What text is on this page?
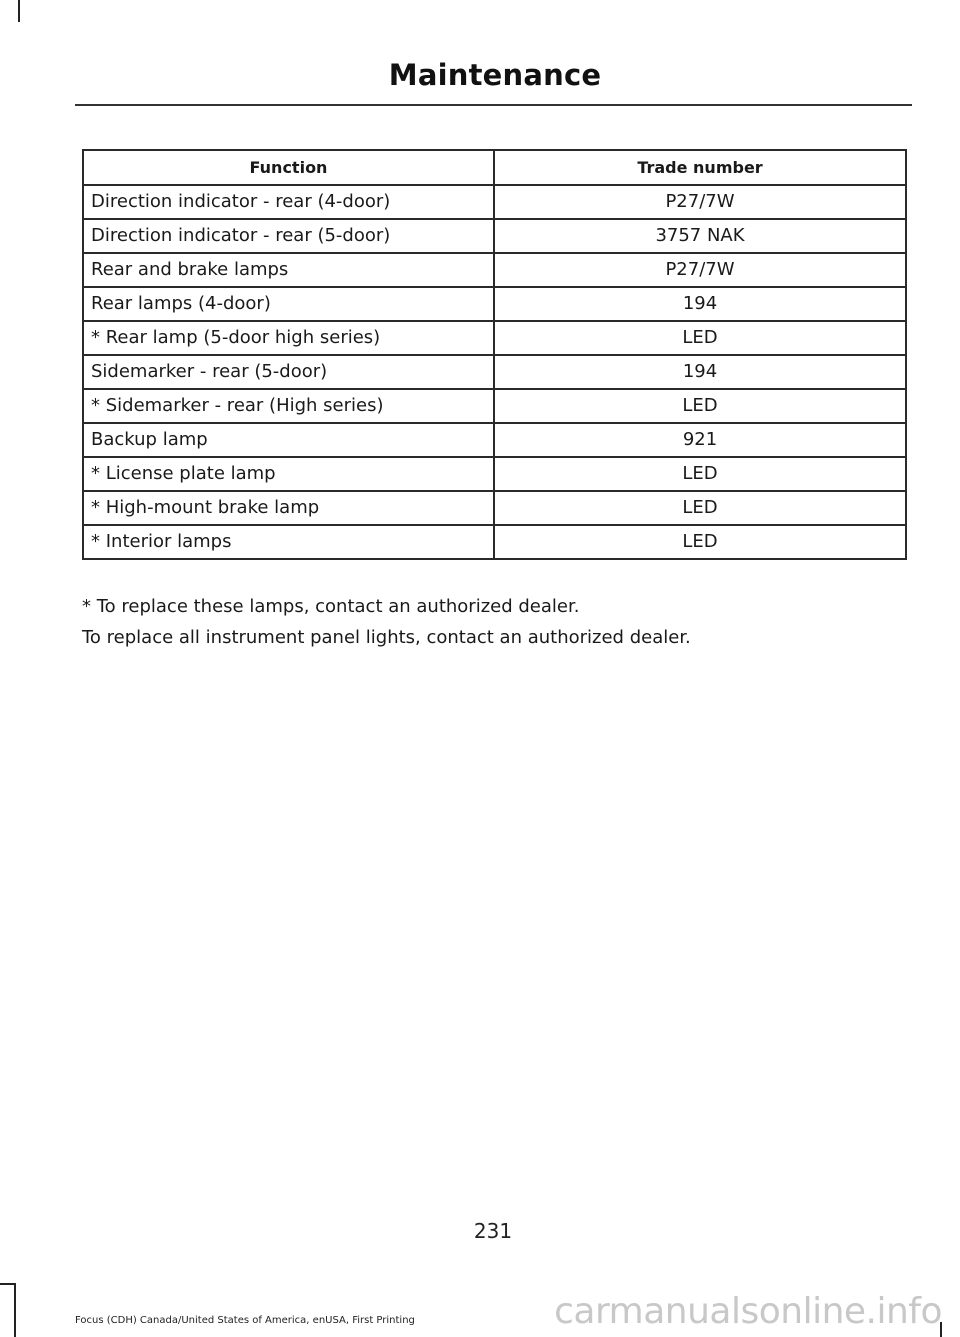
Maintenance
Function	Trade number
Direction indicator - rear (4-door)	P27/7W
Direction indicator - rear (5-door)	3757 NAK
Rear and brake lamps	P27/7W
Rear lamps (4-door)	194
* Rear lamp (5-door high series)	LED
Sidemarker - rear (5-door)	194
* Sidemarker - rear (High series)	LED
Backup lamp	921
* License plate lamp	LED
* High-mount brake lamp	LED
* Interior lamps	LED
* To replace these lamps, contact an authorized dealer.
To replace all instrument panel lights, contact an authorized dealer.
231
Focus (CDH) Canada/United States of America, enUSA, First Printing	carmanualsonline.info
